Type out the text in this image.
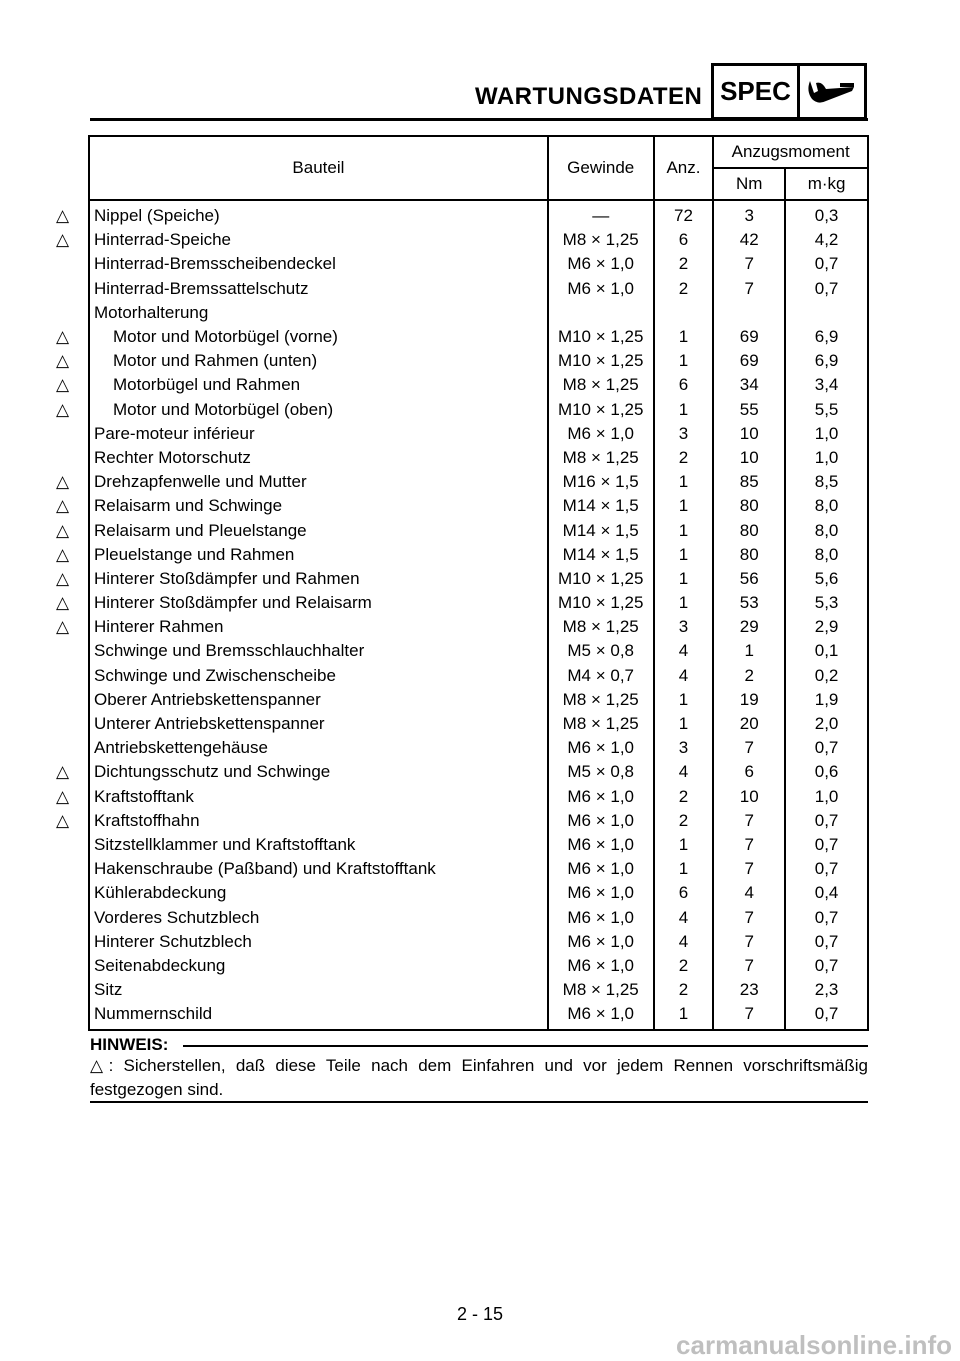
WARTUNGSDATEN SPEC
Bauteil	Gewinde	Anz.	Anzugsmoment	
			Nm	m·kg

△ Nippel (Speiche)	—	72	3	0,3

△ Hinterrad-Speiche	M8 × 1,25	6	42	4,2

Hinterrad-Bremsscheibendeckel	M6 × 1,0	2	7	0,7

Hinterrad-Bremssattelschutz	M6 × 1,0	2	7	0,7

Motorhalterung				

△ Motor und Motorbügel (vorne)	M10 × 1,25	1	69	6,9

△ Motor und Rahmen (unten)	M10 × 1,25	1	69	6,9

△ Motorbügel und Rahmen	M8 × 1,25	6	34	3,4

△ Motor und Motorbügel (oben)	M10 × 1,25	1	55	5,5

Pare-moteur inférieur	M6 × 1,0	3	10	1,0

Rechter Motorschutz	M8 × 1,25	2	10	1,0

△ Drehzapfenwelle und Mutter	M16 × 1,5	1	85	8,5

△ Relaisarm und Schwinge	M14 × 1,5	1	80	8,0

△ Relaisarm und Pleuelstange	M14 × 1,5	1	80	8,0

△ Pleuelstange und Rahmen	M14 × 1,5	1	80	8,0

△ Hinterer Stoßdämpfer und Rahmen	M10 × 1,25	1	56	5,6

△ Hinterer Stoßdämpfer und Relaisarm	M10 × 1,25	1	53	5,3

△ Hinterer Rahmen	M8 × 1,25	3	29	2,9

Schwinge und Bremsschlauchhalter	M5 × 0,8	4	1	0,1

Schwinge und Zwischenscheibe	M4 × 0,7	4	2	0,2

Oberer Antriebskettenspanner	M8 × 1,25	1	19	1,9

Unterer Antriebskettenspanner	M8 × 1,25	1	20	2,0

Antriebskettengehäuse	M6 × 1,0	3	7	0,7

△ Dichtungsschutz und Schwinge	M5 × 0,8	4	6	0,6

△ Kraftstofftank	M6 × 1,0	2	10	1,0

△ Kraftstoffhahn	M6 × 1,0	2	7	0,7

Sitzstellklammer und Kraftstofftank	M6 × 1,0	1	7	0,7

Hakenschraube (Paßband) und Kraftstofftank	M6 × 1,0	1	7	0,7

Kühlerabdeckung	M6 × 1,0	6	4	0,4

Vorderes Schutzblech	M6 × 1,0	4	7	0,7

Hinterer Schutzblech	M6 × 1,0	4	7	0,7

Seitenabdeckung	M6 × 1,0	2	7	0,7

Sitz	M8 × 1,25	2	23	2,3

Nummernschild	M6 × 1,0	1	7	0,7
HINWEIS:
△: Sicherstellen, daß diese Teile nach dem Einfahren und vor jedem Rennen vorschriftsmäßig festgezogen sind.
2 - 15
carmanualsonline.info
